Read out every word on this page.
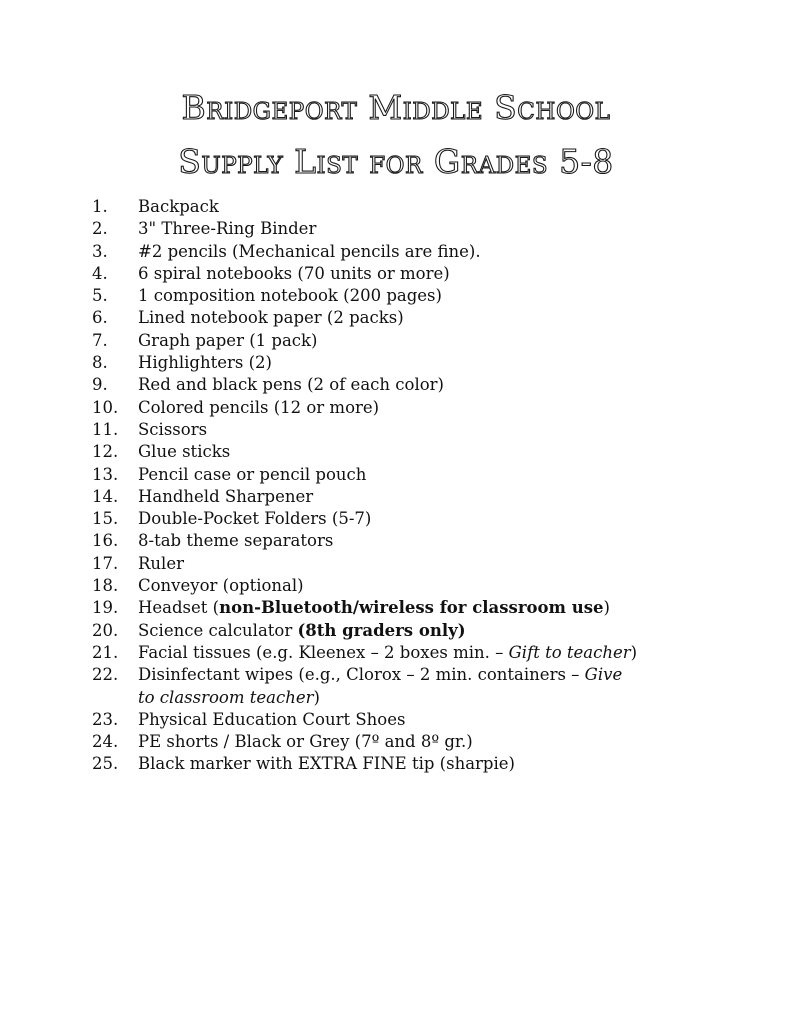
Bridgeport Middle School
Supply List for Grades 5-8
1. Backpack
2. 3" Three-Ring Binder
3. #2 pencils (Mechanical pencils are fine).
4. 6 spiral notebooks (70 units or more)
5. 1 composition notebook (200 pages)
6. Lined notebook paper (2 packs)
7. Graph paper (1 pack)
8. Highlighters (2)
9. Red and black pens (2 of each color)
10. Colored pencils (12 or more)
11. Scissors
12. Glue sticks
13. Pencil case or pencil pouch
14. Handheld Sharpener
15. Double-Pocket Folders (5-7)
16. 8-tab theme separators
17. Ruler
18. Conveyor (optional)
19. Headset (non-Bluetooth/wireless for classroom use)
20. Science calculator (8th graders only)
21. Facial tissues (e.g. Kleenex – 2 boxes min. – Gift to teacher)
22. Disinfectant wipes (e.g., Clorox – 2 min. containers – Give to classroom teacher)
23. Physical Education Court Shoes
24. PE shorts / Black or Grey (7º and 8º gr.)
25. Black marker with EXTRA FINE tip (sharpie)
